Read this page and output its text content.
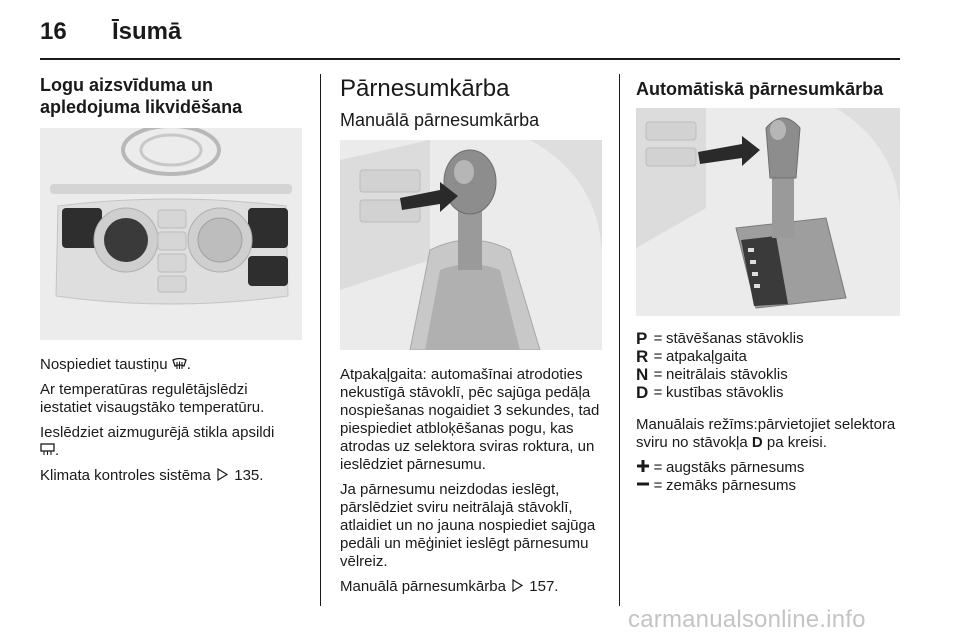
16	Īsumā
Logu aizsvīduma un apledojuma likvidēšana

Nospiediet taustiņu .

Ar temperatūras regulētājslēdzi iestatiet visaugstāko temperatūru.

Ieslēdziet aizmugurējā stikla apsildi
.

Klimata kontroles sistēma  135.

Pārnesumkārba
Manuālā pārnesumkārba

Atpakaļgaita: automašīnai atrodoties nekustīgā stāvoklī, pēc sajūga pedāļa nospiešanas nogaidiet 3 sekundes, tad piespiediet atbloķēšanas pogu, kas atrodas uz selektora sviras roktura, un ieslēdziet pārnesumu.

Ja pārnesumu neizdodas ieslēgt, pārslēdziet sviru neitrālajā stāvoklī, atlaidiet un no jauna nospiediet sajūga pedāli un mēģiniet ieslēgt pārnesumu vēlreiz.

Manuālā pārnesumkārba  157.

Automātiskā pārnesumkārba
P = stāvēšanas stāvoklis
R = atpakaļgaita
N = neitrālais stāvoklis
D = kustības stāvoklis

Manuālais režīms:pārvietojiet selektora sviru no stāvokļa D pa kreisi.

= augstāks pārnesums
= zemāks pārnesums
carmanualsonline.info
